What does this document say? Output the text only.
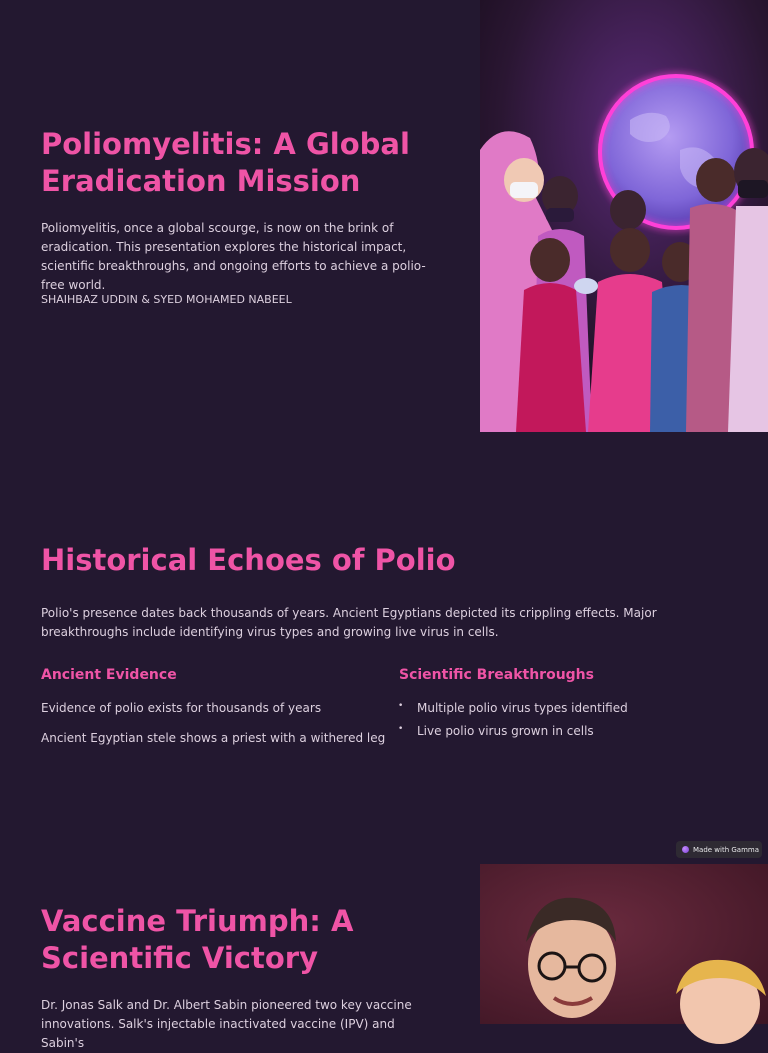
Poliomyelitis: A Global Eradication Mission

Poliomyelitis, once a global scourge, is now on the brink of eradication. This presentation explores the historical impact, scientific breakthroughs, and ongoing efforts to achieve a polio-free world.

SHAIHBAZ UDDIN & SYED MOHAMED NABEEL

Historical Echoes of Polio

Polio's presence dates back thousands of years. Ancient Egyptians depicted its crippling effects. Major breakthroughs include identifying virus types and growing live virus in cells.

Ancient Evidence

Evidence of polio exists for thousands of years

Ancient Egyptian stele shows a priest with a withered leg

Scientific Breakthroughs
• Multiple polio virus types identified

• Live polio virus grown in cells

Made with Gamma
Vaccine Triumph: A Scientific Victory

Dr. Jonas Salk and Dr. Albert Sabin pioneered two key vaccine innovations. Salk's injectable inactivated vaccine (IPV) and Sabin's
